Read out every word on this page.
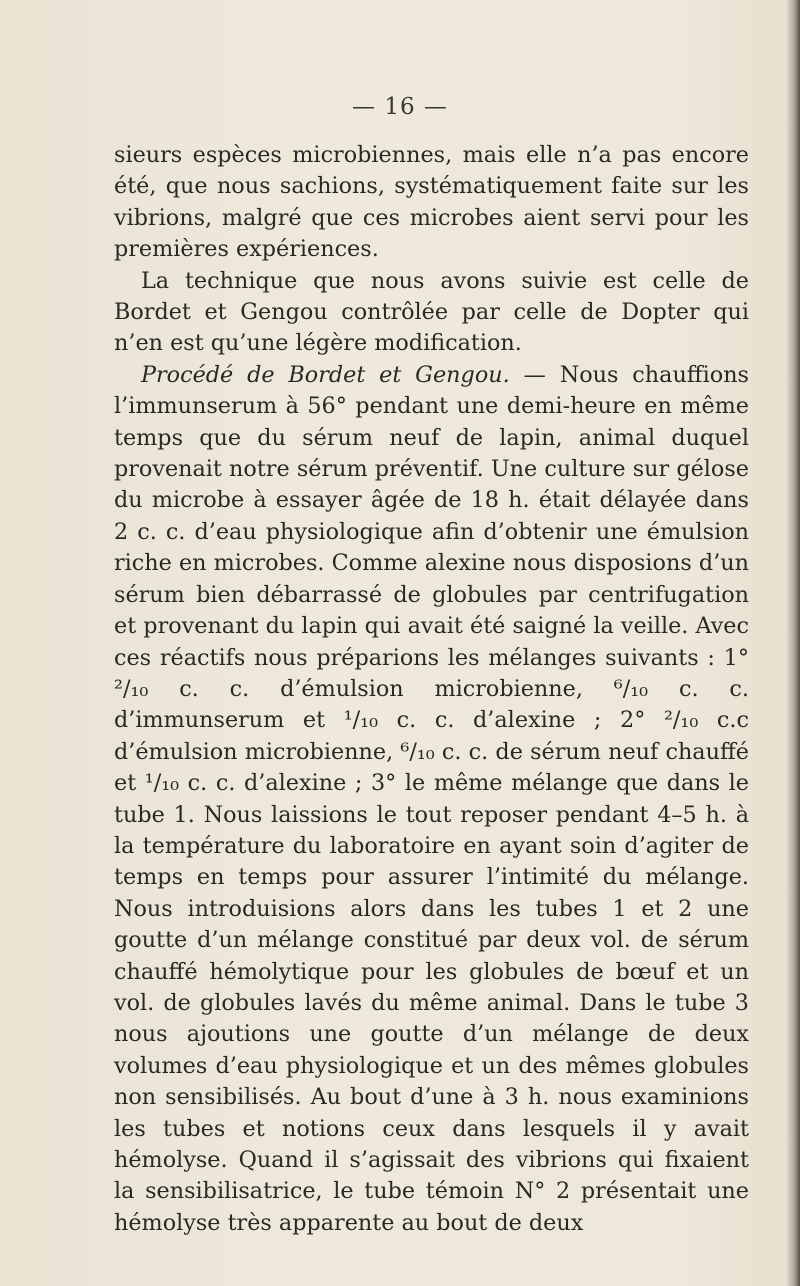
— 16 —

sieurs espèces microbiennes, mais elle n’a pas encore été, que nous sachions, systématiquement faite sur les vibrions, malgré que ces microbes aient servi pour les premières expériences.

La technique que nous avons suivie est celle de Bordet et Gengou contrôlée par celle de Dopter qui n’en est qu’une légère modification.

Procédé de Bordet et Gengou. — Nous chauffions l’immunserum à 56° pendant une demi-heure en même temps que du sérum neuf de lapin, animal duquel provenait notre sérum préventif. Une culture sur gélose du microbe à essayer âgée de 18 h. était délayée dans 2 c. c. d’eau physiologique afin d’obtenir une émulsion riche en microbes. Comme alexine nous disposions d’un sérum bien débarrassé de globules par centrifugation et provenant du lapin qui avait été saigné la veille. Avec ces réactifs nous préparions les mélanges suivants : 1° ²/₁₀ c. c. d’émulsion microbienne, ⁶/₁₀ c. c. d’immunserum et ¹/₁₀ c. c. d’alexine ; 2° ²/₁₀ c.c d’émulsion microbienne, ⁶/₁₀ c. c. de sérum neuf chauffé et ¹/₁₀ c. c. d’alexine ; 3° le même mélange que dans le tube 1. Nous laissions le tout reposer pendant 4–5 h. à la température du laboratoire en ayant soin d’agiter de temps en temps pour assurer l’intimité du mélange. Nous introduisions alors dans les tubes 1 et 2 une goutte d’un mélange constitué par deux vol. de sérum chauffé hémolytique pour les globules de bœuf et un vol. de globules lavés du même animal. Dans le tube 3 nous ajoutions une goutte d’un mélange de deux volumes d’eau physiologique et un des mêmes globules non sensibilisés. Au bout d’une à 3 h. nous examinions les tubes et notions ceux dans lesquels il y avait hémolyse. Quand il s’agissait des vibrions qui fixaient la sensibilisatrice, le tube témoin N° 2 présentait une hémolyse très apparente au bout de deux
